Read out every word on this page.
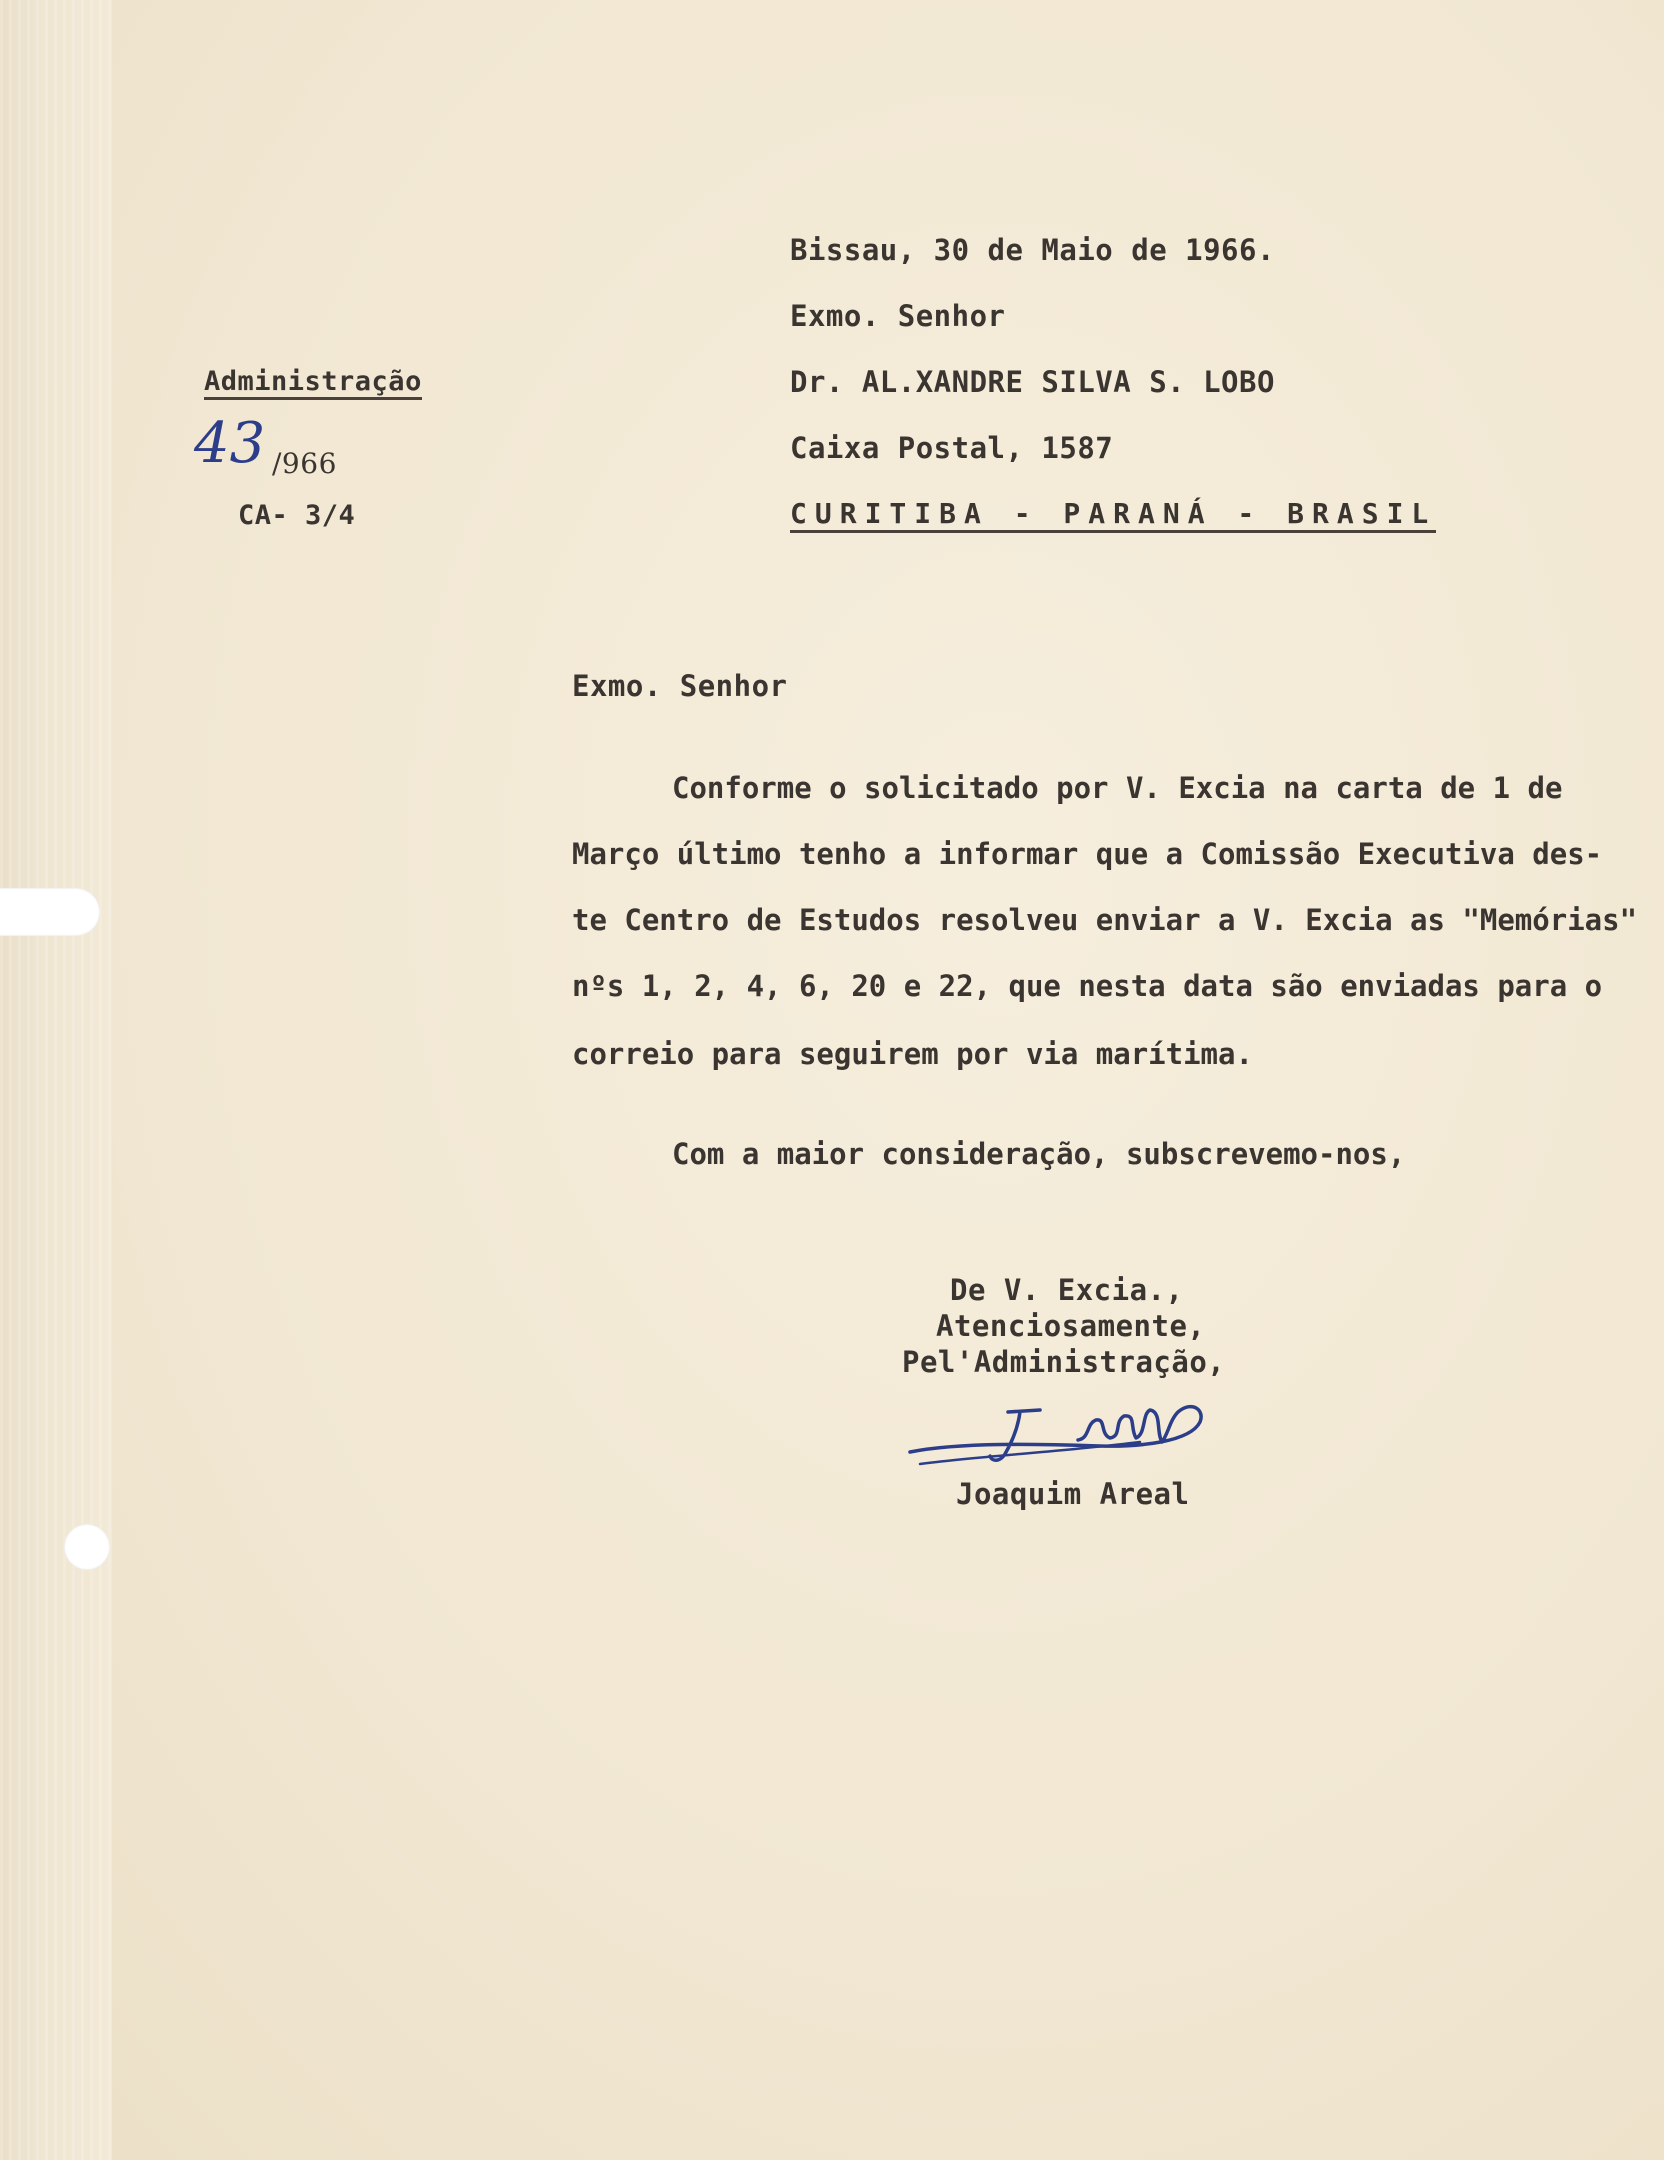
Bissau, 30 de Maio de 1966.
Exmo. Senhor
Dr. AL.XANDRE SILVA S. LOBO
Caixa Postal, 1587
CURITIBA - PARANÁ - BRASIL
Administração
43 /966
CA- 3/4
Exmo. Senhor
Conforme o solicitado por V. Excia na carta de 1 de
Março último tenho a informar que a Comissão Executiva des-
te Centro de Estudos resolveu enviar a V. Excia as "Memórias"
nºs 1, 2, 4, 6, 20 e 22, que nesta data são enviadas para o
correio para seguirem por via marítima.
Com a maior consideração, subscrevemo-nos,
De V. Excia.,
Atenciosamente,
Pel'Administração,
Joaquim Areal
